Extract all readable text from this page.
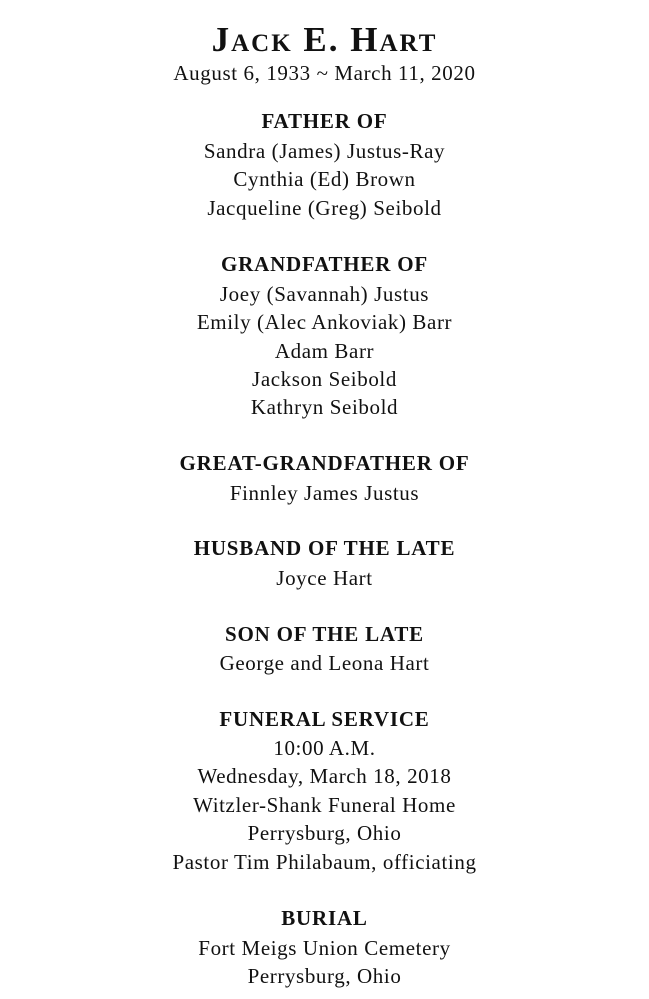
Jack E. Hart
August 6, 1933 ~ March 11, 2020
FATHER OF
Sandra (James) Justus-Ray
Cynthia (Ed) Brown
Jacqueline (Greg) Seibold
GRANDFATHER OF
Joey (Savannah) Justus
Emily (Alec Ankoviak) Barr
Adam Barr
Jackson Seibold
Kathryn Seibold
GREAT-GRANDFATHER OF
Finnley James Justus
HUSBAND OF THE LATE
Joyce Hart
SON OF THE LATE
George and Leona Hart
FUNERAL SERVICE
10:00 A.M.
Wednesday, March 18, 2018
Witzler-Shank Funeral Home
Perrysburg, Ohio
Pastor Tim Philabaum, officiating
BURIAL
Fort Meigs Union Cemetery
Perrysburg, Ohio
